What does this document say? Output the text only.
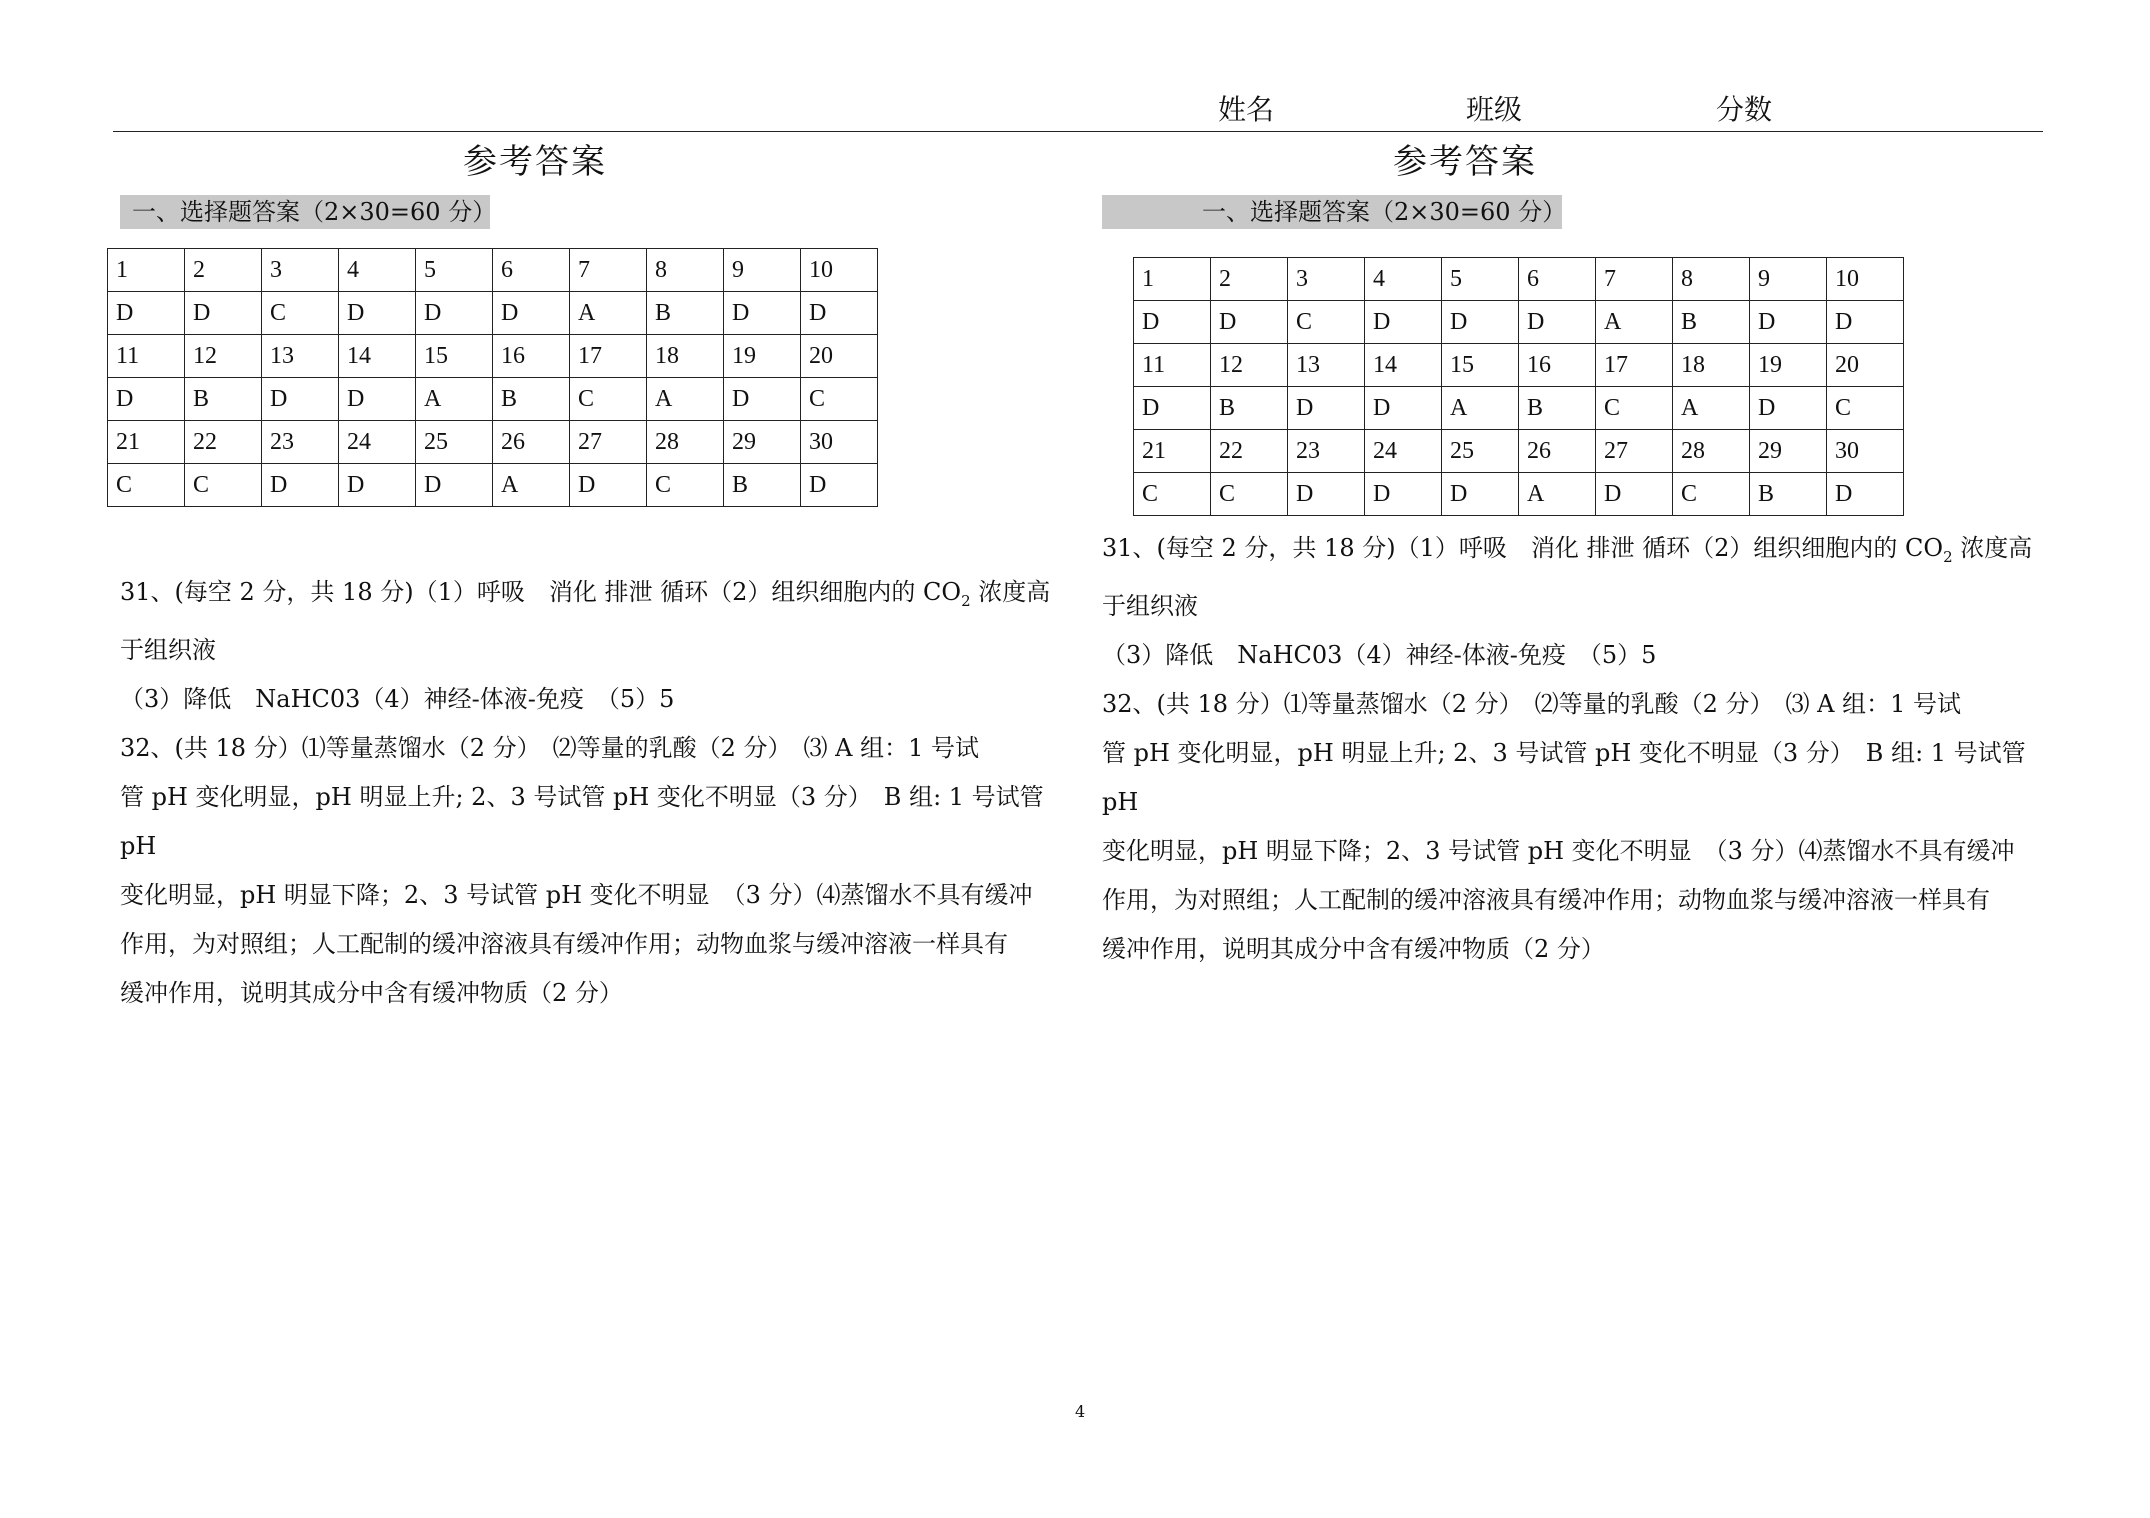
姓名	班级	分数
参考答案
一、选择题答案（2×30=60 分）
1	2	3	4	5	6	7	8	9	10
D	D	C	D	D	D	A	B	D	D
11	12	13	14	15	16	17	18	19	20
D	B	D	D	A	B	C	A	D	C
21	22	23	24	25	26	27	28	29	30
C	C	D	D	D	A	D	C	B	D

31、(每空 2 分，共 18 分)（1）呼吸　消化 排泄 循环（2）组织细胞内的 $CO_2$ 浓度高

于组织液

（3）降低　NaHC03（4）神经-体液-免疫　（5）5

32、(共 18 分）⑴等量蒸馏水（2 分）　⑵等量的乳酸（2 分）　⑶ A 组：1 号试

管 pH 变化明显，pH 明显上升; 2、3 号试管 pH 变化不明显（3 分）　B 组: 1 号试管 pH

变化明显，pH 明显下降；2、3 号试管 pH 变化不明显　（3 分）⑷蒸馏水不具有缓冲

作用，为对照组；人工配制的缓冲溶液具有缓冲作用；动物血浆与缓冲溶液一样具有

缓冲作用，说明其成分中含有缓冲物质（2 分）

参考答案
一、选择题答案（2×30=60 分）
1	2	3	4	5	6	7	8	9	10
D	D	C	D	D	D	A	B	D	D
11	12	13	14	15	16	17	18	19	20
D	B	D	D	A	B	C	A	D	C
21	22	23	24	25	26	27	28	29	30
C	C	D	D	D	A	D	C	B	D

31、(每空 2 分，共 18 分)（1）呼吸　消化 排泄 循环（2）组织细胞内的 $CO_2$ 浓度高

于组织液

（3）降低　NaHC03（4）神经-体液-免疫　（5）5

32、(共 18 分）⑴等量蒸馏水（2 分）　⑵等量的乳酸（2 分）　⑶ A 组：1 号试

管 pH 变化明显，pH 明显上升; 2、3 号试管 pH 变化不明显（3 分）　B 组: 1 号试管 pH

变化明显，pH 明显下降；2、3 号试管 pH 变化不明显　（3 分）⑷蒸馏水不具有缓冲

作用，为对照组；人工配制的缓冲溶液具有缓冲作用；动物血浆与缓冲溶液一样具有

缓冲作用，说明其成分中含有缓冲物质（2 分）

4
